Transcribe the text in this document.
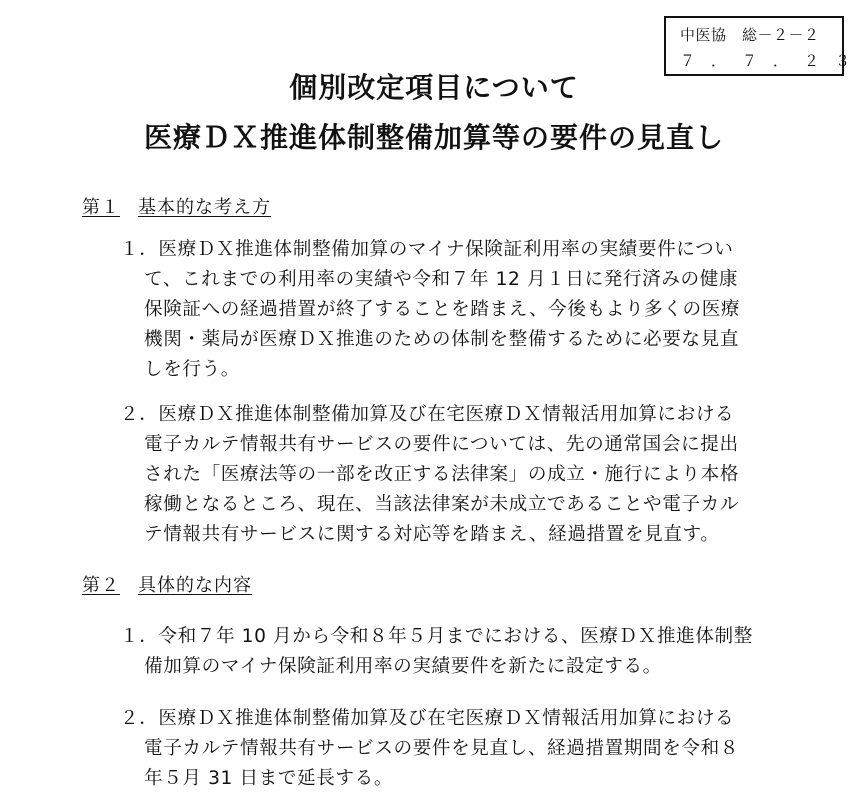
中医協　総－２－２
７．７．２３
個別改定項目について
医療ＤＸ推進体制整備加算等の要件の見直し
第１ 基本的な考え方
１．医療ＤＸ推進体制整備加算のマイナ保険証利用率の実績要件につい
て、これまでの利用率の実績や令和７年 12 月１日に発行済みの健康
保険証への経過措置が終了することを踏まえ、今後もより多くの医療
機関・薬局が医療ＤＸ推進のための体制を整備するために必要な見直
しを行う。
２．医療ＤＸ推進体制整備加算及び在宅医療ＤＸ情報活用加算における
電子カルテ情報共有サービスの要件については、先の通常国会に提出
された「医療法等の一部を改正する法律案」の成立・施行により本格
稼働となるところ、現在、当該法律案が未成立であることや電子カル
テ情報共有サービスに関する対応等を踏まえ、経過措置を見直す。
第２ 具体的な内容
１．令和７年 10 月から令和８年５月までにおける、医療ＤＸ推進体制整
備加算のマイナ保険証利用率の実績要件を新たに設定する。
２．医療ＤＸ推進体制整備加算及び在宅医療ＤＸ情報活用加算における
電子カルテ情報共有サービスの要件を見直し、経過措置期間を令和８
年５月 31 日まで延長する。
